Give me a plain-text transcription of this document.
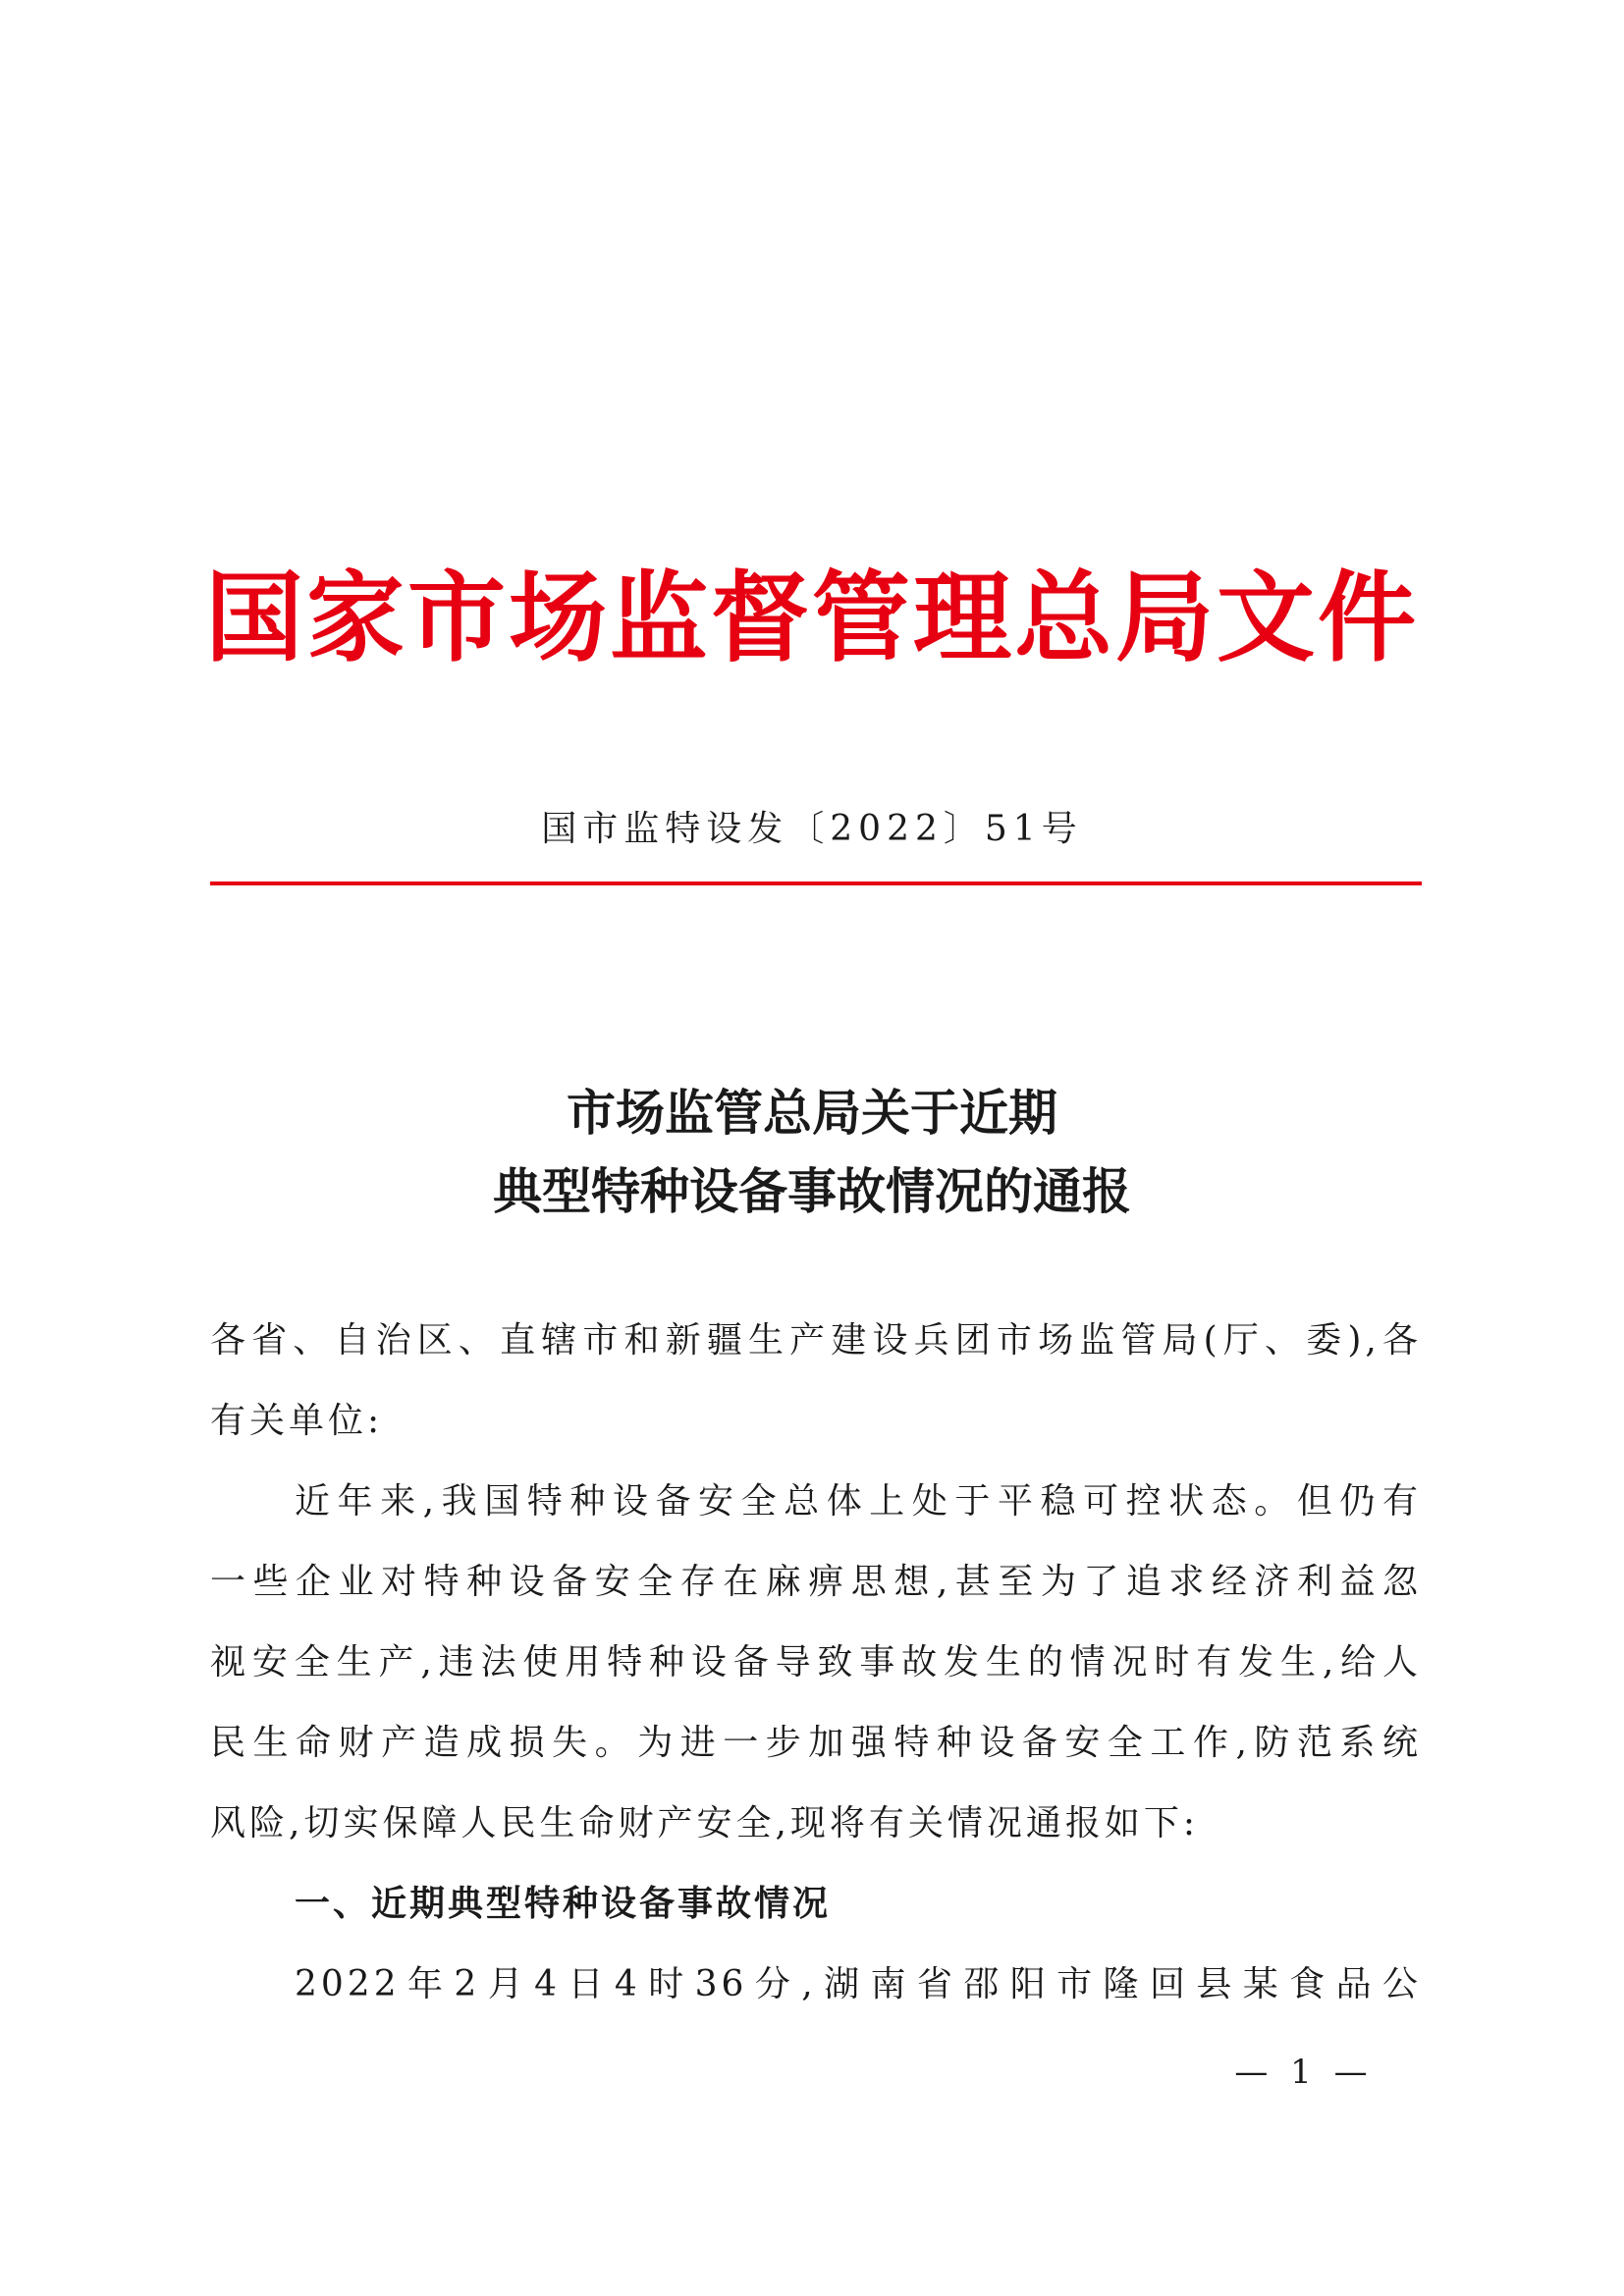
国家市场监督管理总局文件
国市监特设发〔2022〕51号
市场监管总局关于近期
典型特种设备事故情况的通报
各省、自治区、直辖市和新疆生产建设兵团市场监管局(厅、委),各
有关单位:
近年来,我国特种设备安全总体上处于平稳可控状态。但仍有
一些企业对特种设备安全存在麻痹思想,甚至为了追求经济利益忽
视安全生产,违法使用特种设备导致事故发生的情况时有发生,给人
民生命财产造成损失。为进一步加强特种设备安全工作,防范系统
风险,切实保障人民生命财产安全,现将有关情况通报如下:
一、近期典型特种设备事故情况
2022年2月4日4时36分,湖南省邵阳市隆回县某食品公
— 1 —
